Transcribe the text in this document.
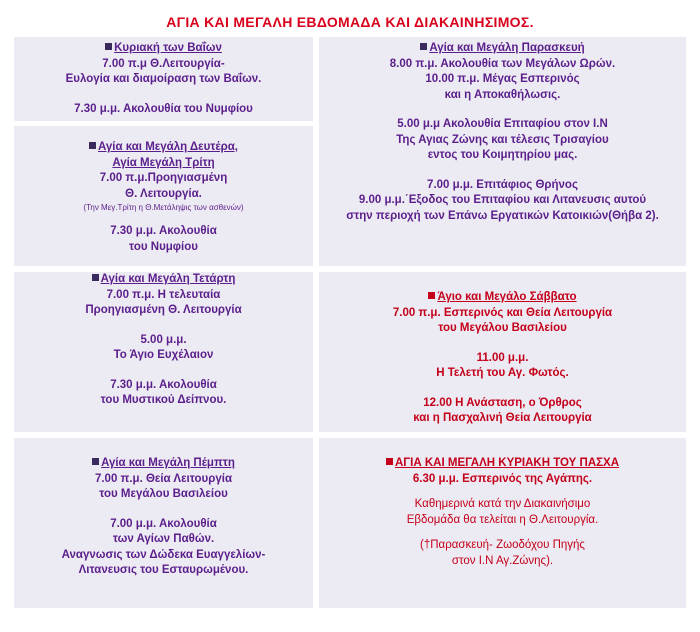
ΑΓΙΑ ΚΑΙ ΜΕΓΑΛΗ ΕΒΔΟΜΑΔΑ ΚΑΙ ΔΙΑΚΑΙΝΗΣΙΜΟΣ.
Κυριακή των Βαΐων
7.00 π.μ Θ.Λειτουργία-
Ευλογία και διαμοίραση των Βαΐων.
7.30 μ.μ. Ακολουθία του Νυμφίου
Αγία και Μεγάλη Δευτέρα,
Αγία Μεγάλη Τρίτη
7.00 π.μ.Προηγιασμένη
Θ. Λειτουργία.
(Την Μεγ.Τρίτη η Θ.Μετάληψις των ασθενών)
7.30 μ.μ. Ακολουθία
του Νυμφίου
Αγία και Μεγάλη Τετάρτη
7.00 π.μ. Η τελευταία
Προηγιασμένη Θ. Λειτουργία
5.00 μ.μ.
Το Άγιο Ευχέλαιον
7.30 μ.μ. Ακολουθία
του Μυστικού Δείπνου.
Αγία και Μεγάλη Πέμπτη
7.00 π.μ. Θεία Λειτουργία
του Μεγάλου Βασιλείου
7.00 μ.μ. Ακολουθία
των Αγίων Παθών.
Αναγνωσις των Δώδεκα Ευαγγελίων-
Λιτανευσις του Εσταυρωμένου.
Αγία και Μεγάλη Παρασκευή
8.00 π.μ. Ακολουθία των Μεγάλων Ωρών.
10.00 π.μ. Μέγας Εσπερινός
και η Αποκαθήλωσις.
5.00 μ.μ Ακολουθία Επιταφίου στον Ι.Ν
Της Αγιας Ζώνης και τέλεσις Τρισαγίου
εντος του Κοιμητηρίου μας.
7.00 μ.μ. Επιτάφιος Θρήνος
9.00 μ.μ.΄Εξοδος του Επιταφίου και Λιτανευσις αυτού
στην περιοχή των Επάνω Εργατικών Κατοικιών(Θήβα 2).
Άγιο και Μεγάλο Σάββατο
7.00 π.μ. Εσπερινός και Θεία Λειτουργία
του Μεγάλου Βασιλείου
11.00 μ.μ.
Η Τελετή του Αγ. Φωτός.
12.00 Η Ανάσταση, ο Όρθρος
και η Πασχαλινή Θεία Λειτουργία
ΑΓΙΑ ΚΑΙ ΜΕΓΑΛΗ ΚΥΡΙΑΚΗ ΤΟΥ ΠΑΣΧΑ
6.30 μ.μ. Εσπερινός της Αγάπης.
Καθημερινά κατά την Διακαινήσιμο
Εβδομάδα θα τελείται η Θ.Λειτουργία.
(†Παρασκευή- Ζωοδόχου Πηγής
στον Ι.Ν Αγ.Ζώνης).
